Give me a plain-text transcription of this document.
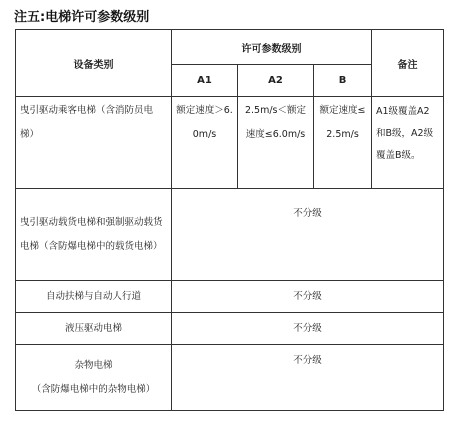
注五:电梯许可参数级别
设备类别	许可参数级别			备注
	A1	A2	B	

曳引驱动乘客电梯（含消防员电梯）	额定速度＞6.0m/s	2.5m/s＜额定速度≤6.0m/s	额定速度≤2.5m/s	A1级覆盖A2和B级，A2级覆盖B级。

曳引驱动载货电梯和强制驱动载货电梯（含防爆电梯中的载货电梯）	不分级			

自动扶梯与自动人行道	不分级			

液压驱动电梯	不分级			

杂物电梯
（含防爆电梯中的杂物电梯）	不分级			
